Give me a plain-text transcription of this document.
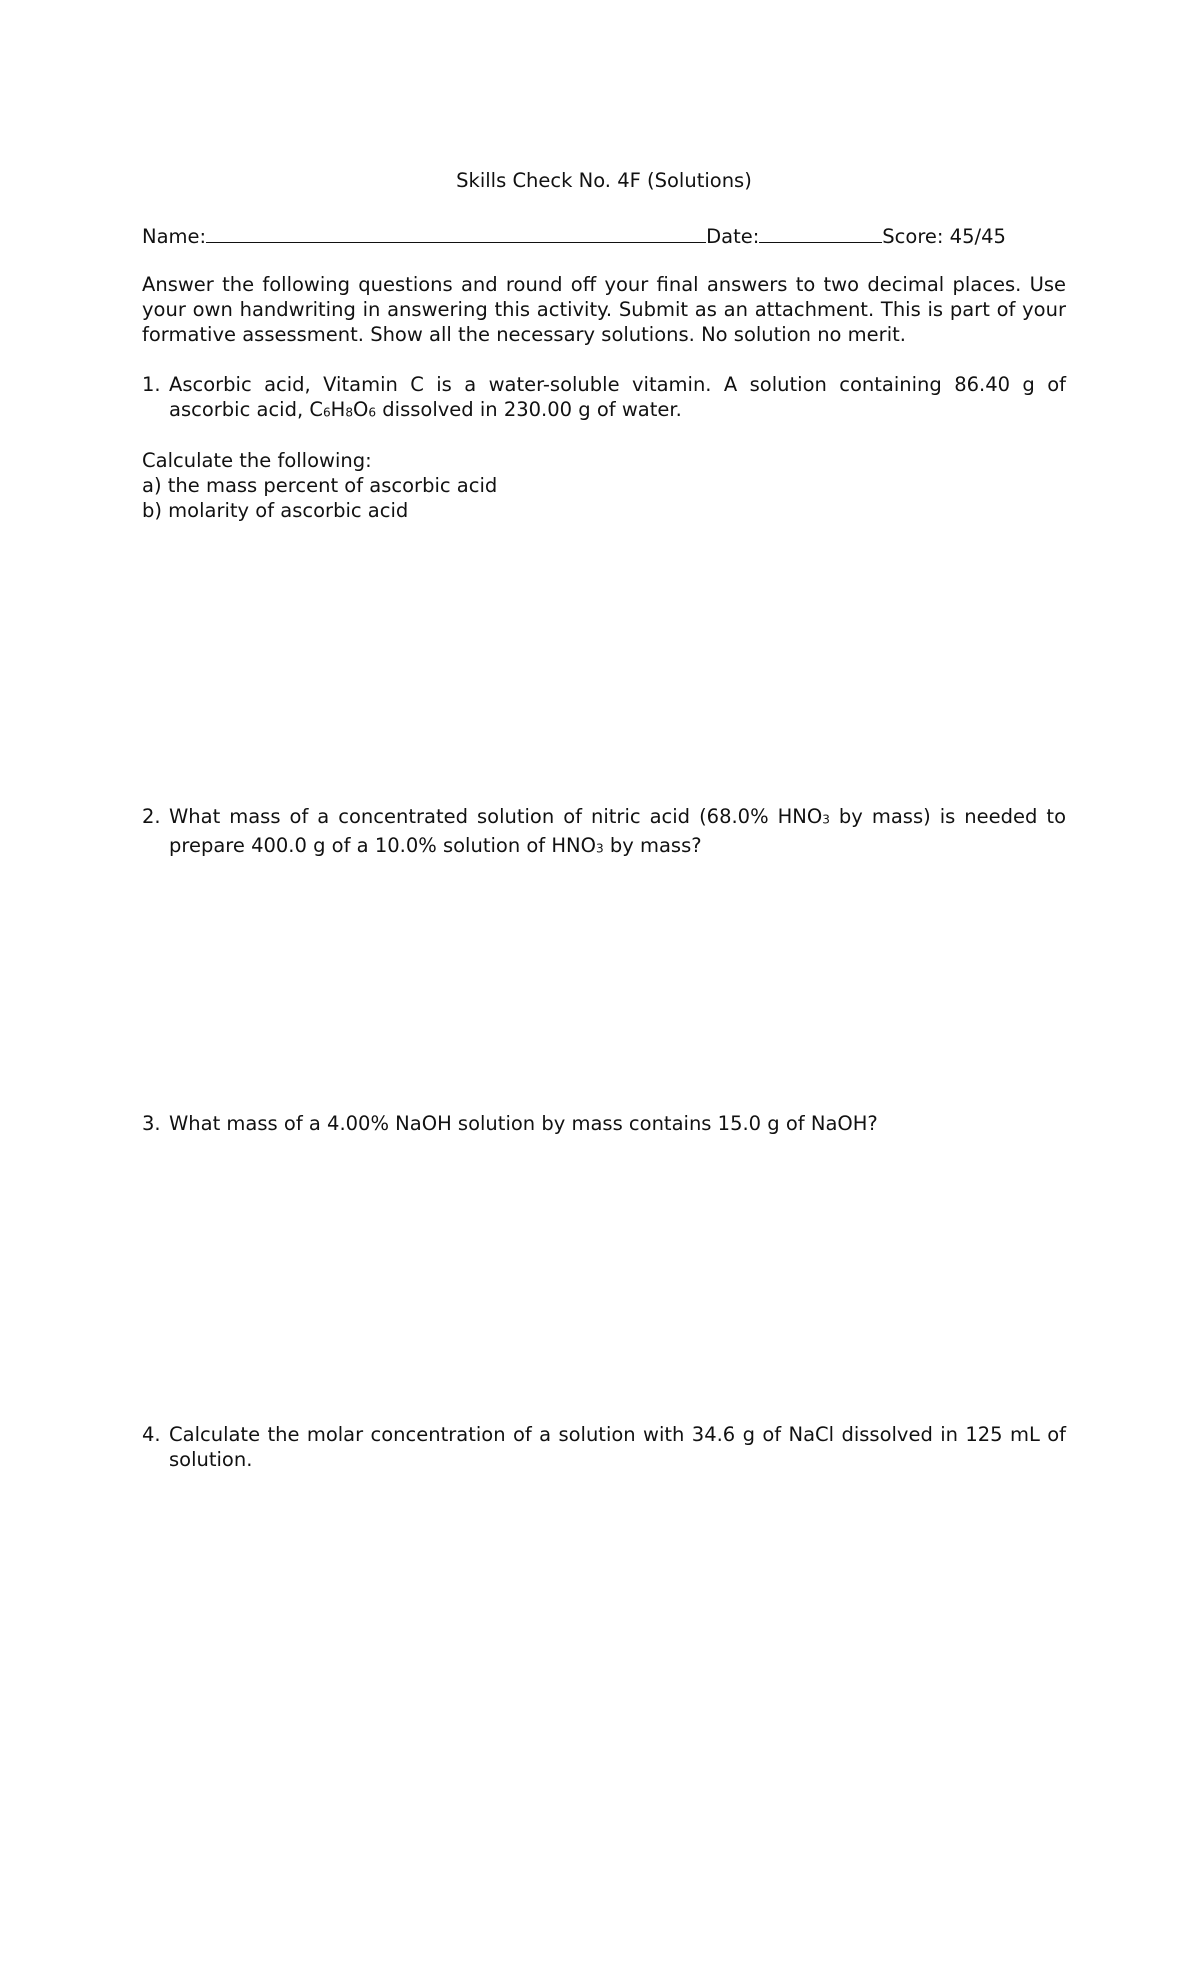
Skills Check No. 4F (Solutions)
Name:	Date:	Score: 45/45
Answer the following questions and round off your final answers to two decimal places. Use your own handwriting in answering this activity. Submit as an attachment. This is part of your formative assessment. Show all the necessary solutions. No solution no merit.
1. Ascorbic acid, Vitamin C is a water-soluble vitamin. A solution containing 86.40 g of ascorbic acid, C6H8O6 dissolved in 230.00 g of water.
Calculate the following:
a) the mass percent of ascorbic acid
b) molarity of ascorbic acid
2. What mass of a concentrated solution of nitric acid (68.0% HNO3 by mass) is needed to prepare 400.0 g of a 10.0% solution of HNO3 by mass?
3. What mass of a 4.00% NaOH solution by mass contains 15.0 g of NaOH?
4. Calculate the molar concentration of a solution with 34.6 g of NaCl dissolved in 125 mL of solution.
